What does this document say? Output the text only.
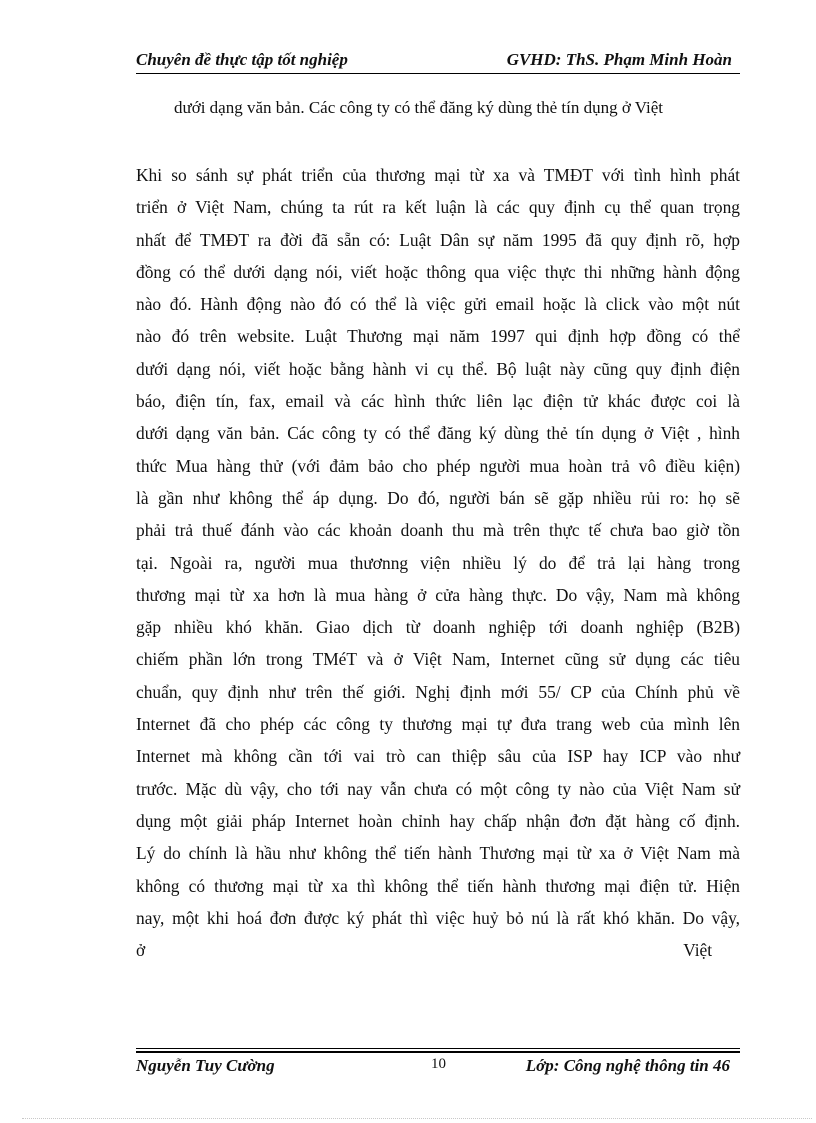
Chuyên đề thực tập tốt nghiệp	GVHD: ThS. Phạm Minh Hoàn
dưới dạng văn bản. Các công ty có thể đăng ký dùng thẻ tín dụng ở Việt
Khi so sánh sự phát triển của thương mại từ xa và TMĐT với tình hình phát
triển ở Việt Nam, chúng ta rút ra kết luận là các quy định cụ thể quan trọng
nhất để TMĐT ra đời đã sẵn có: Luật Dân sự năm 1995 đã quy định rõ, hợp
đồng có thể dưới dạng nói, viết hoặc thông qua việc thực thi những hành động
nào đó. Hành động nào đó có thể là việc gửi email hoặc là click vào một nút
nào đó trên website. Luật Thương mại năm 1997 qui định hợp đồng có thể
dưới dạng nói, viết hoặc bằng hành vi cụ thể. Bộ luật này cũng quy định điện
báo, điện tín, fax, email và các hình thức liên lạc điện tử khác được coi là
dưới dạng văn bản. Các công ty có thể đăng ký dùng thẻ tín dụng ở Việt , hình
thức Mua hàng thử (với đảm bảo cho phép người mua hoàn trả vô điều kiện)
là gần như không thể áp dụng. Do đó, người bán sẽ gặp nhiều rủi ro: họ sẽ
phải trả thuế đánh vào các khoản doanh thu mà trên thực tế chưa bao giờ tồn
tại. Ngoài ra, người mua thươnng viện nhiều lý do để trả lại hàng trong
thương mại từ xa hơn là mua hàng ở cửa hàng thực. Do vậy, Nam mà không
gặp nhiều khó khăn. Giao dịch từ doanh nghiệp tới doanh nghiệp (B2B)
chiếm phần lớn trong TMéT và ở Việt Nam, Internet cũng sử dụng các tiêu
chuẩn, quy định như trên thế giới. Nghị định mới 55/ CP của Chính phủ về
Internet đã cho phép các công ty thương mại tự đưa trang web của mình lên
Internet mà không cần tới vai trò can thiệp sâu của ISP hay ICP vào như
trước. Mặc dù vậy, cho tới nay vẫn chưa có một công ty nào của Việt Nam sử
dụng một giải pháp Internet hoàn chỉnh hay chấp nhận đơn đặt hàng cố định.
Lý do chính là hầu như không thể tiến hành Thương mại từ xa ở Việt Nam mà
không có thương mại từ xa thì không thể tiến hành thương mại điện tử. Hiện
nay, một khi hoá đơn được ký phát thì việc huỷ bỏ nú là rất khó khăn. Do vậy,
ở	Việt
Nguyễn Tuy Cường	10	Lớp: Công nghệ thông tin 46
